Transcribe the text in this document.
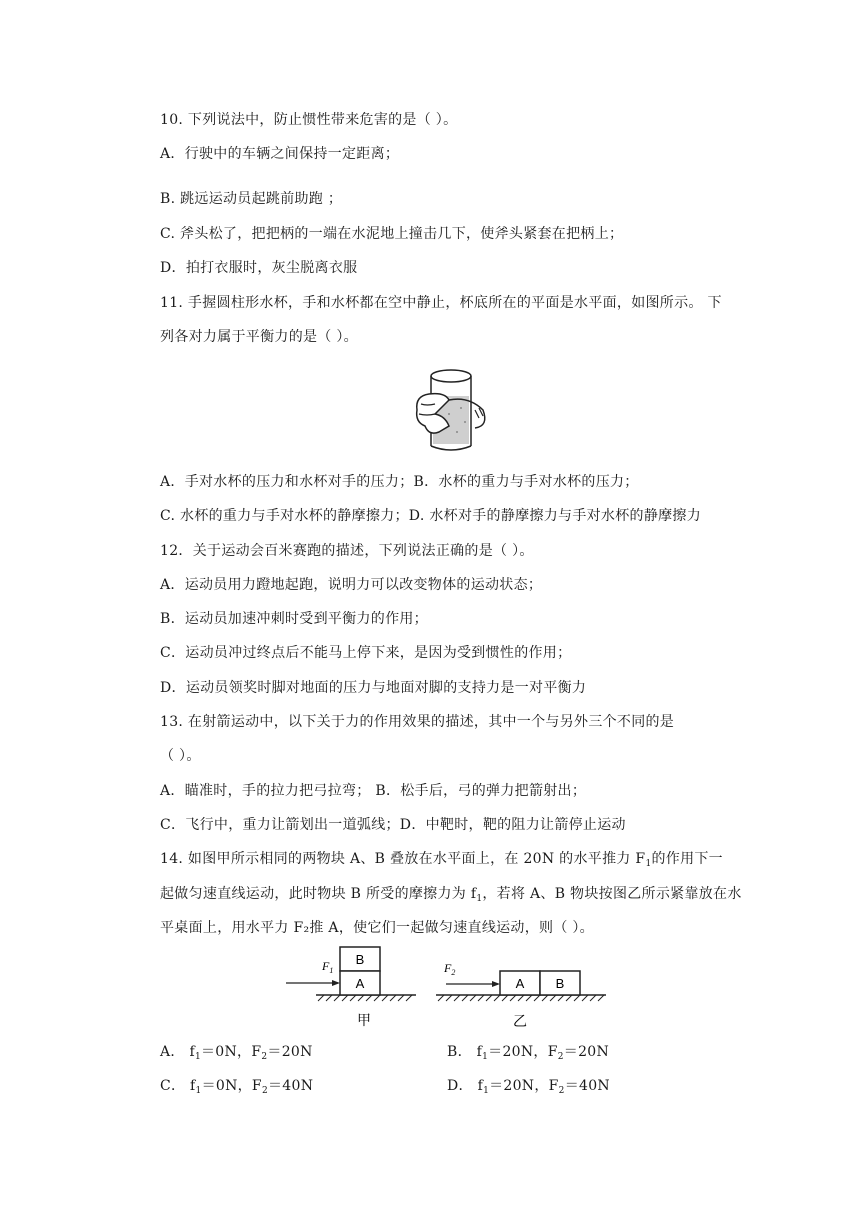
10. 下列说法中，防止惯性带来危害的是（ ）。
A．行驶中的车辆之间保持一定距离；
B. 跳远运动员起跳前助跑 ；
C. 斧头松了，把把柄的一端在水泥地上撞击几下，使斧头紧套在把柄上；
D．拍打衣服时，灰尘脱离衣服
11. 手握圆柱形水杯，手和水杯都在空中静止，杯底所在的平面是水平面，如图所示。 下
列各对力属于平衡力的是（ ）。
A．手对水杯的压力和水杯对手的压力；B．水杯的重力与手对水杯的压力；
C. 水杯的重力与手对水杯的静摩擦力；D. 水杯对手的静摩擦力与手对水杯的静摩擦力
12．关于运动会百米赛跑的描述，下列说法正确的是（ ）。
A．运动员用力蹬地起跑，说明力可以改变物体的运动状态；
B．运动员加速冲刺时受到平衡力的作用；
C．运动员冲过终点后不能马上停下来，是因为受到惯性的作用；
D．运动员领奖时脚对地面的压力与地面对脚的支持力是一对平衡力
13. 在射箭运动中，以下关于力的作用效果的描述，其中一个与另外三个不同的是
（ ）。
A．瞄准时，手的拉力把弓拉弯； B．松手后，弓的弹力把箭射出；
C．飞行中，重力让箭划出一道弧线；D．中靶时，靶的阻力让箭停止运动
14. 如图甲所示相同的两物块 A、B 叠放在水平面上，在 20N 的水平推力 $F_1$的作用下一
起做匀速直线运动，此时物块 B 所受的摩擦力为 $f_1$，若将 A、B 物块按图乙所示紧靠放在水
平桌面上，用水平力 F₂推 A，使它们一起做匀速直线运动，则（ ）。
B
A
$F_1$
甲
A B
$F_2$
乙
A． $f_1=0N$，$F_2=20N$	B． $f_1=20N$，$F_2=20N$
C． $f_1=0N$，$F_2=40N$	D． $f_1=20N$，$F_2=40N$
